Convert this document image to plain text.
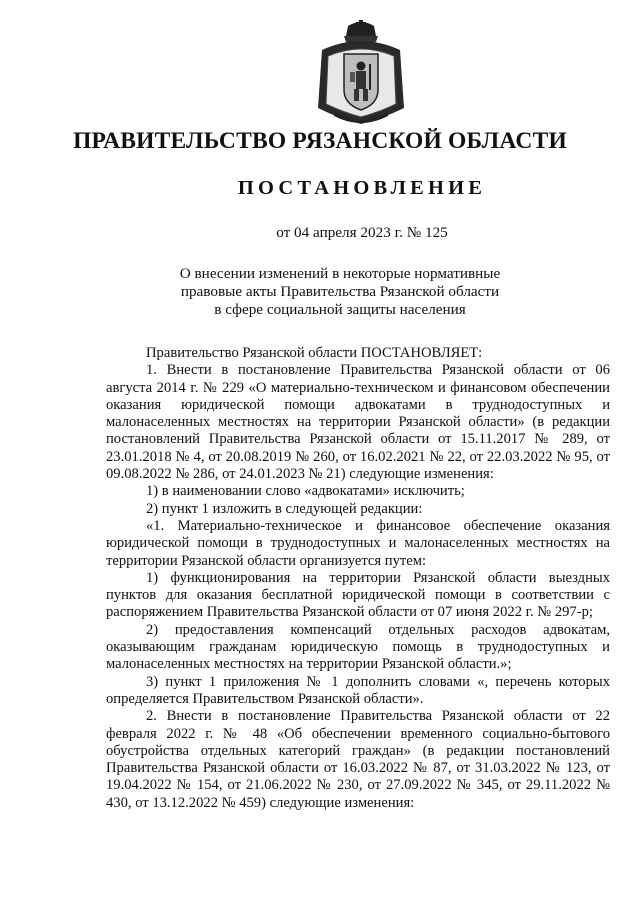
ПРАВИТЕЛЬСТВО РЯЗАНСКОЙ ОБЛАСТИ
ПОСТАНОВЛЕНИЕ
от 04 апреля 2023 г. № 125
О внесении изменений в некоторые нормативные
правовые акты Правительства Рязанской области
в сфере социальной защиты населения

Правительство Рязанской области ПОСТАНОВЛЯЕТ:

1. Внести в постановление Правительства Рязанской области от 06 августа 2014 г. № 229 «О материально-техническом и финансовом обеспечении оказания юридической помощи адвокатами в труднодоступных и малонаселенных местностях на территории Рязанской области» (в редакции постановлений Правительства Рязанской области от 15.11.2017 № 289, от 23.01.2018 № 4, от 20.08.2019 № 260, от 16.02.2021 № 22, от 22.03.2022 № 95, от 09.08.2022 № 286, от 24.01.2023 № 21) следующие изменения:

1) в наименовании слово «адвокатами» исключить;

2) пункт 1 изложить в следующей редакции:

«1. Материально-техническое и финансовое обеспечение оказания юридической помощи в труднодоступных и малонаселенных местностях на территории Рязанской области организуется путем:

1) функционирования на территории Рязанской области выездных пунктов для оказания бесплатной юридической помощи в соответствии с распоряжением Правительства Рязанской области от 07 июня 2022 г. № 297-р;

2) предоставления компенсаций отдельных расходов адвокатам, оказывающим гражданам юридическую помощь в труднодоступных и малонаселенных местностях на территории Рязанской области.»;

3) пункт 1 приложения № 1 дополнить словами «, перечень которых определяется Правительством Рязанской области».

2. Внести в постановление Правительства Рязанской области от 22 февраля 2022 г. № 48 «Об обеспечении временного социально-бытового обустройства отдельных категорий граждан» (в редакции постановлений Правительства Рязанской области от 16.03.2022 № 87, от 31.03.2022 № 123, от 19.04.2022 № 154, от 21.06.2022 № 230, от 27.09.2022 № 345, от 29.11.2022 № 430, от 13.12.2022 № 459) следующие изменения:
